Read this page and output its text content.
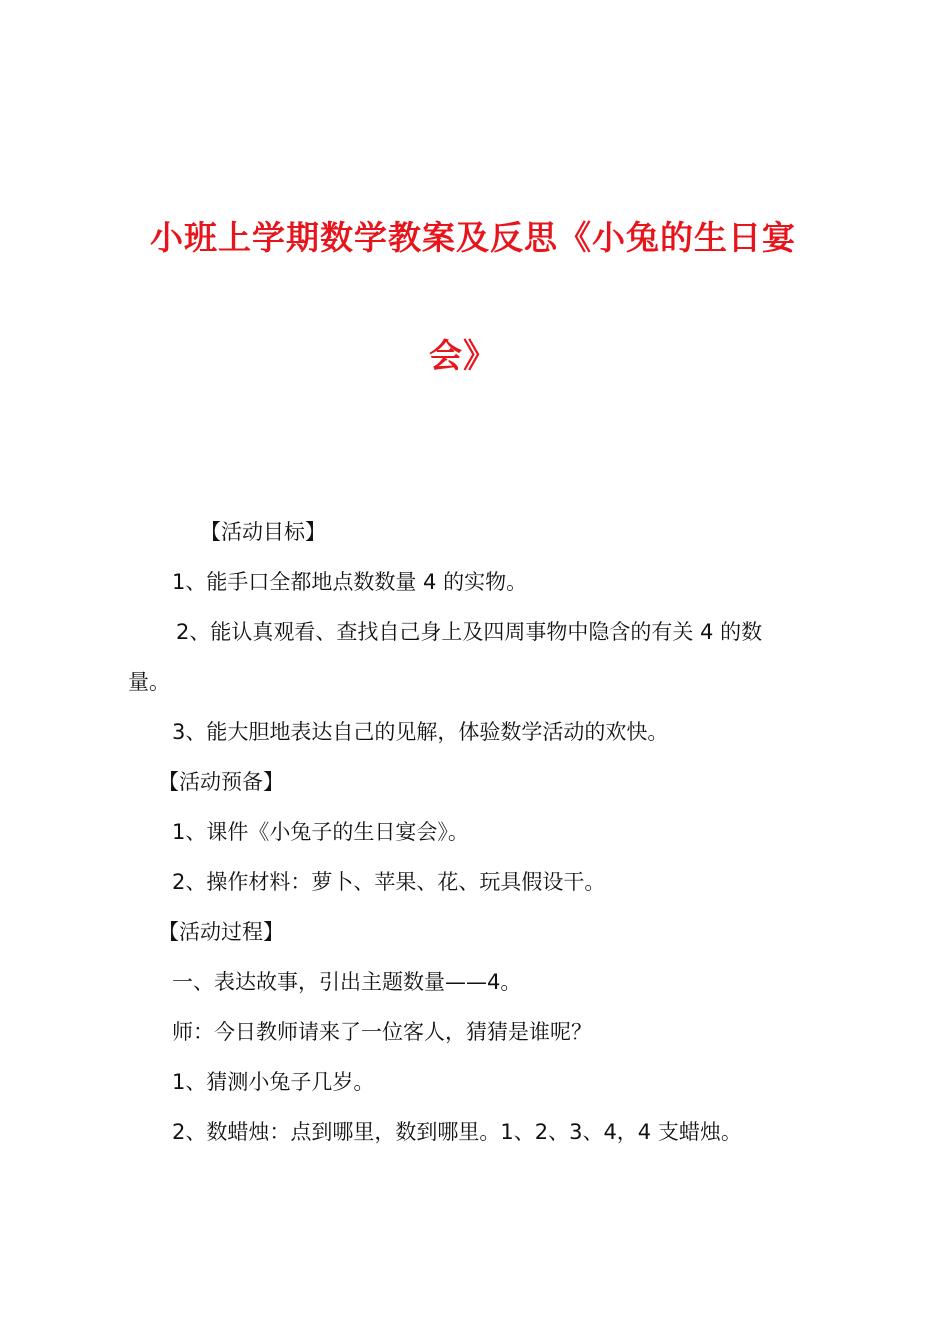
小班上学期数学教案及反思《小兔的生日宴
会》
【活动目标】
1、能手口全都地点数数量 4 的实物。
2、能认真观看、查找自己身上及四周事物中隐含的有关 4 的数
量。
3、能大胆地表达自己的见解，体验数学活动的欢快。
【活动预备】
1、课件《小兔子的生日宴会》。
2、操作材料：萝卜、苹果、花、玩具假设干。
【活动过程】
一、表达故事，引出主题数量——4。
师：今日教师请来了一位客人，猜猜是谁呢？
1、猜测小兔子几岁。
2、数蜡烛：点到哪里，数到哪里。1、2、3、4，4 支蜡烛。
